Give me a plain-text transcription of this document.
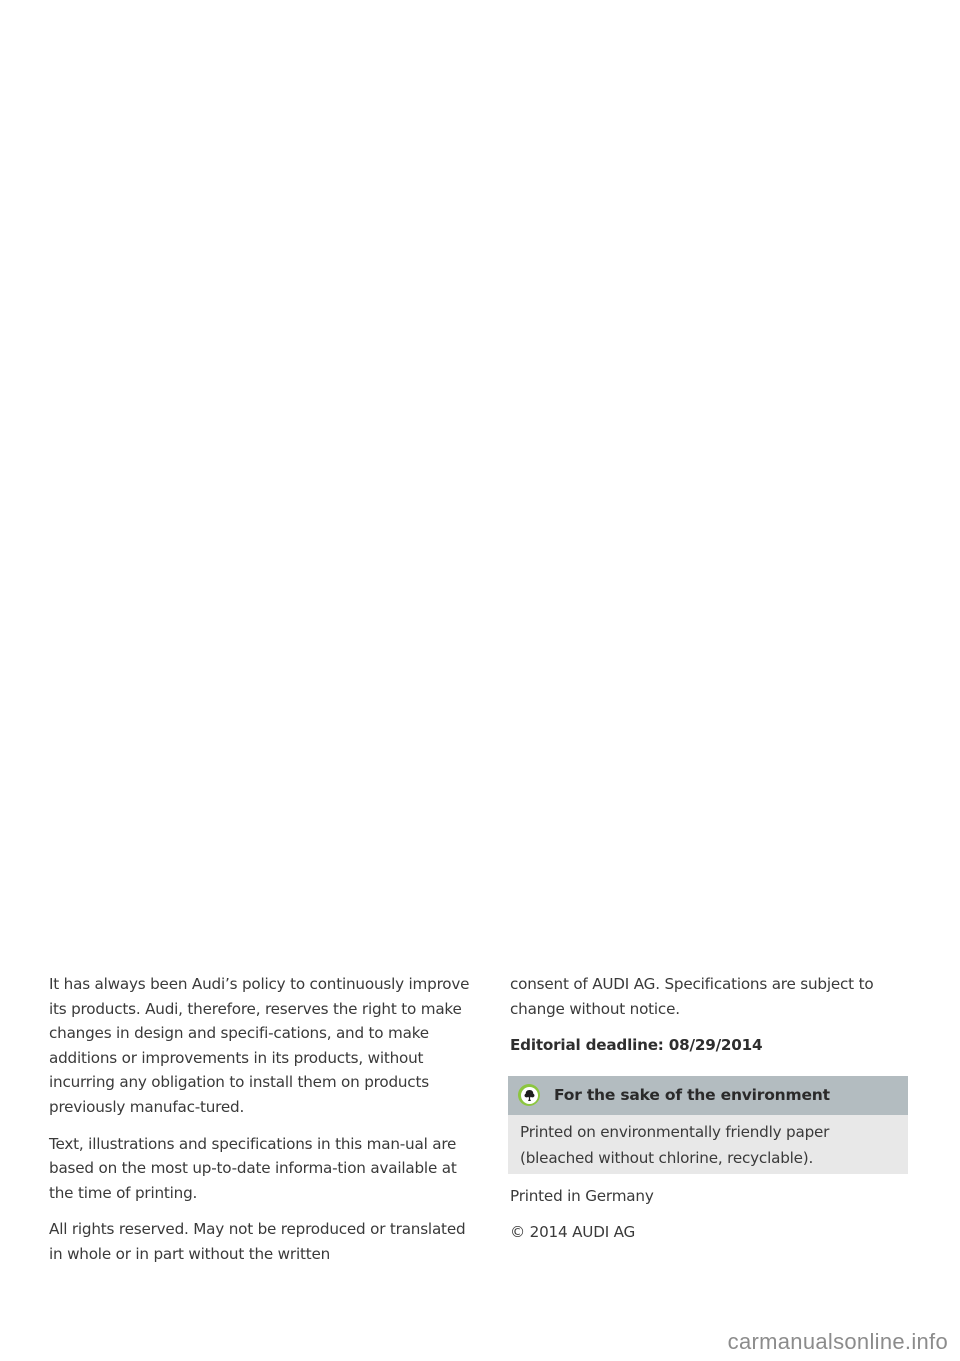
It has always been Audi’s policy to continuously improve its products. Audi, therefore, reserves the right to make changes in design and specifi-cations, and to make additions or improvements in its products, without incurring any obligation to install them on products previously manufac-tured.

Text, illustrations and specifications in this man-ual are based on the most up-to-date informa-tion available at the time of printing.

All rights reserved. May not be reproduced or translated in whole or in part without the written

consent of AUDI AG. Specifications are subject to change without notice.

Editorial deadline: 08/29/2014

For the sake of the environment
Printed on environmentally friendly paper (bleached without chlorine, recyclable).

Printed in Germany

© 2014 AUDI AG

carmanualsonline.info
